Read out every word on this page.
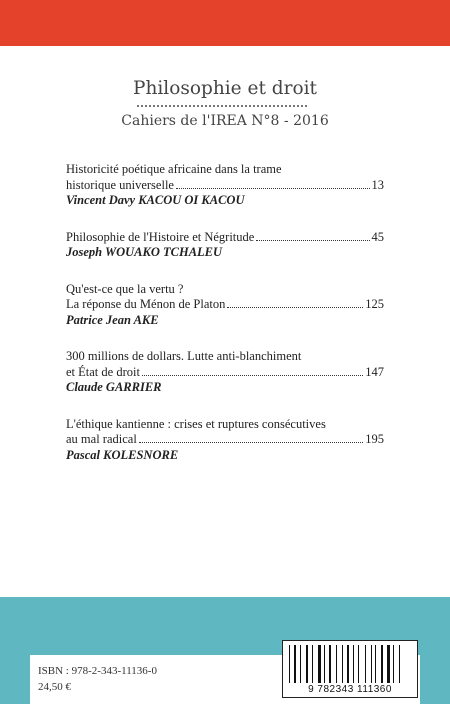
Philosophie et droit
Cahiers de l'IREA N°8 - 2016
Historicité poétique africaine dans la trame
historique universelle	13
Vincent Davy KACOU OI KACOU
Philosophie de l'Histoire et Négritude	45
Joseph WOUAKO TCHALEU
Qu'est-ce que la vertu ?
La réponse du Ménon de Platon	125
Patrice Jean AKE
300 millions de dollars. Lutte anti-blanchiment
et État de droit	147
Claude GARRIER
L'éthique kantienne : crises et ruptures consécutives
au mal radical	195
Pascal KOLESNORE
ISBN : 978-2-343-11136-0
24,50 €	9 782343 111360
